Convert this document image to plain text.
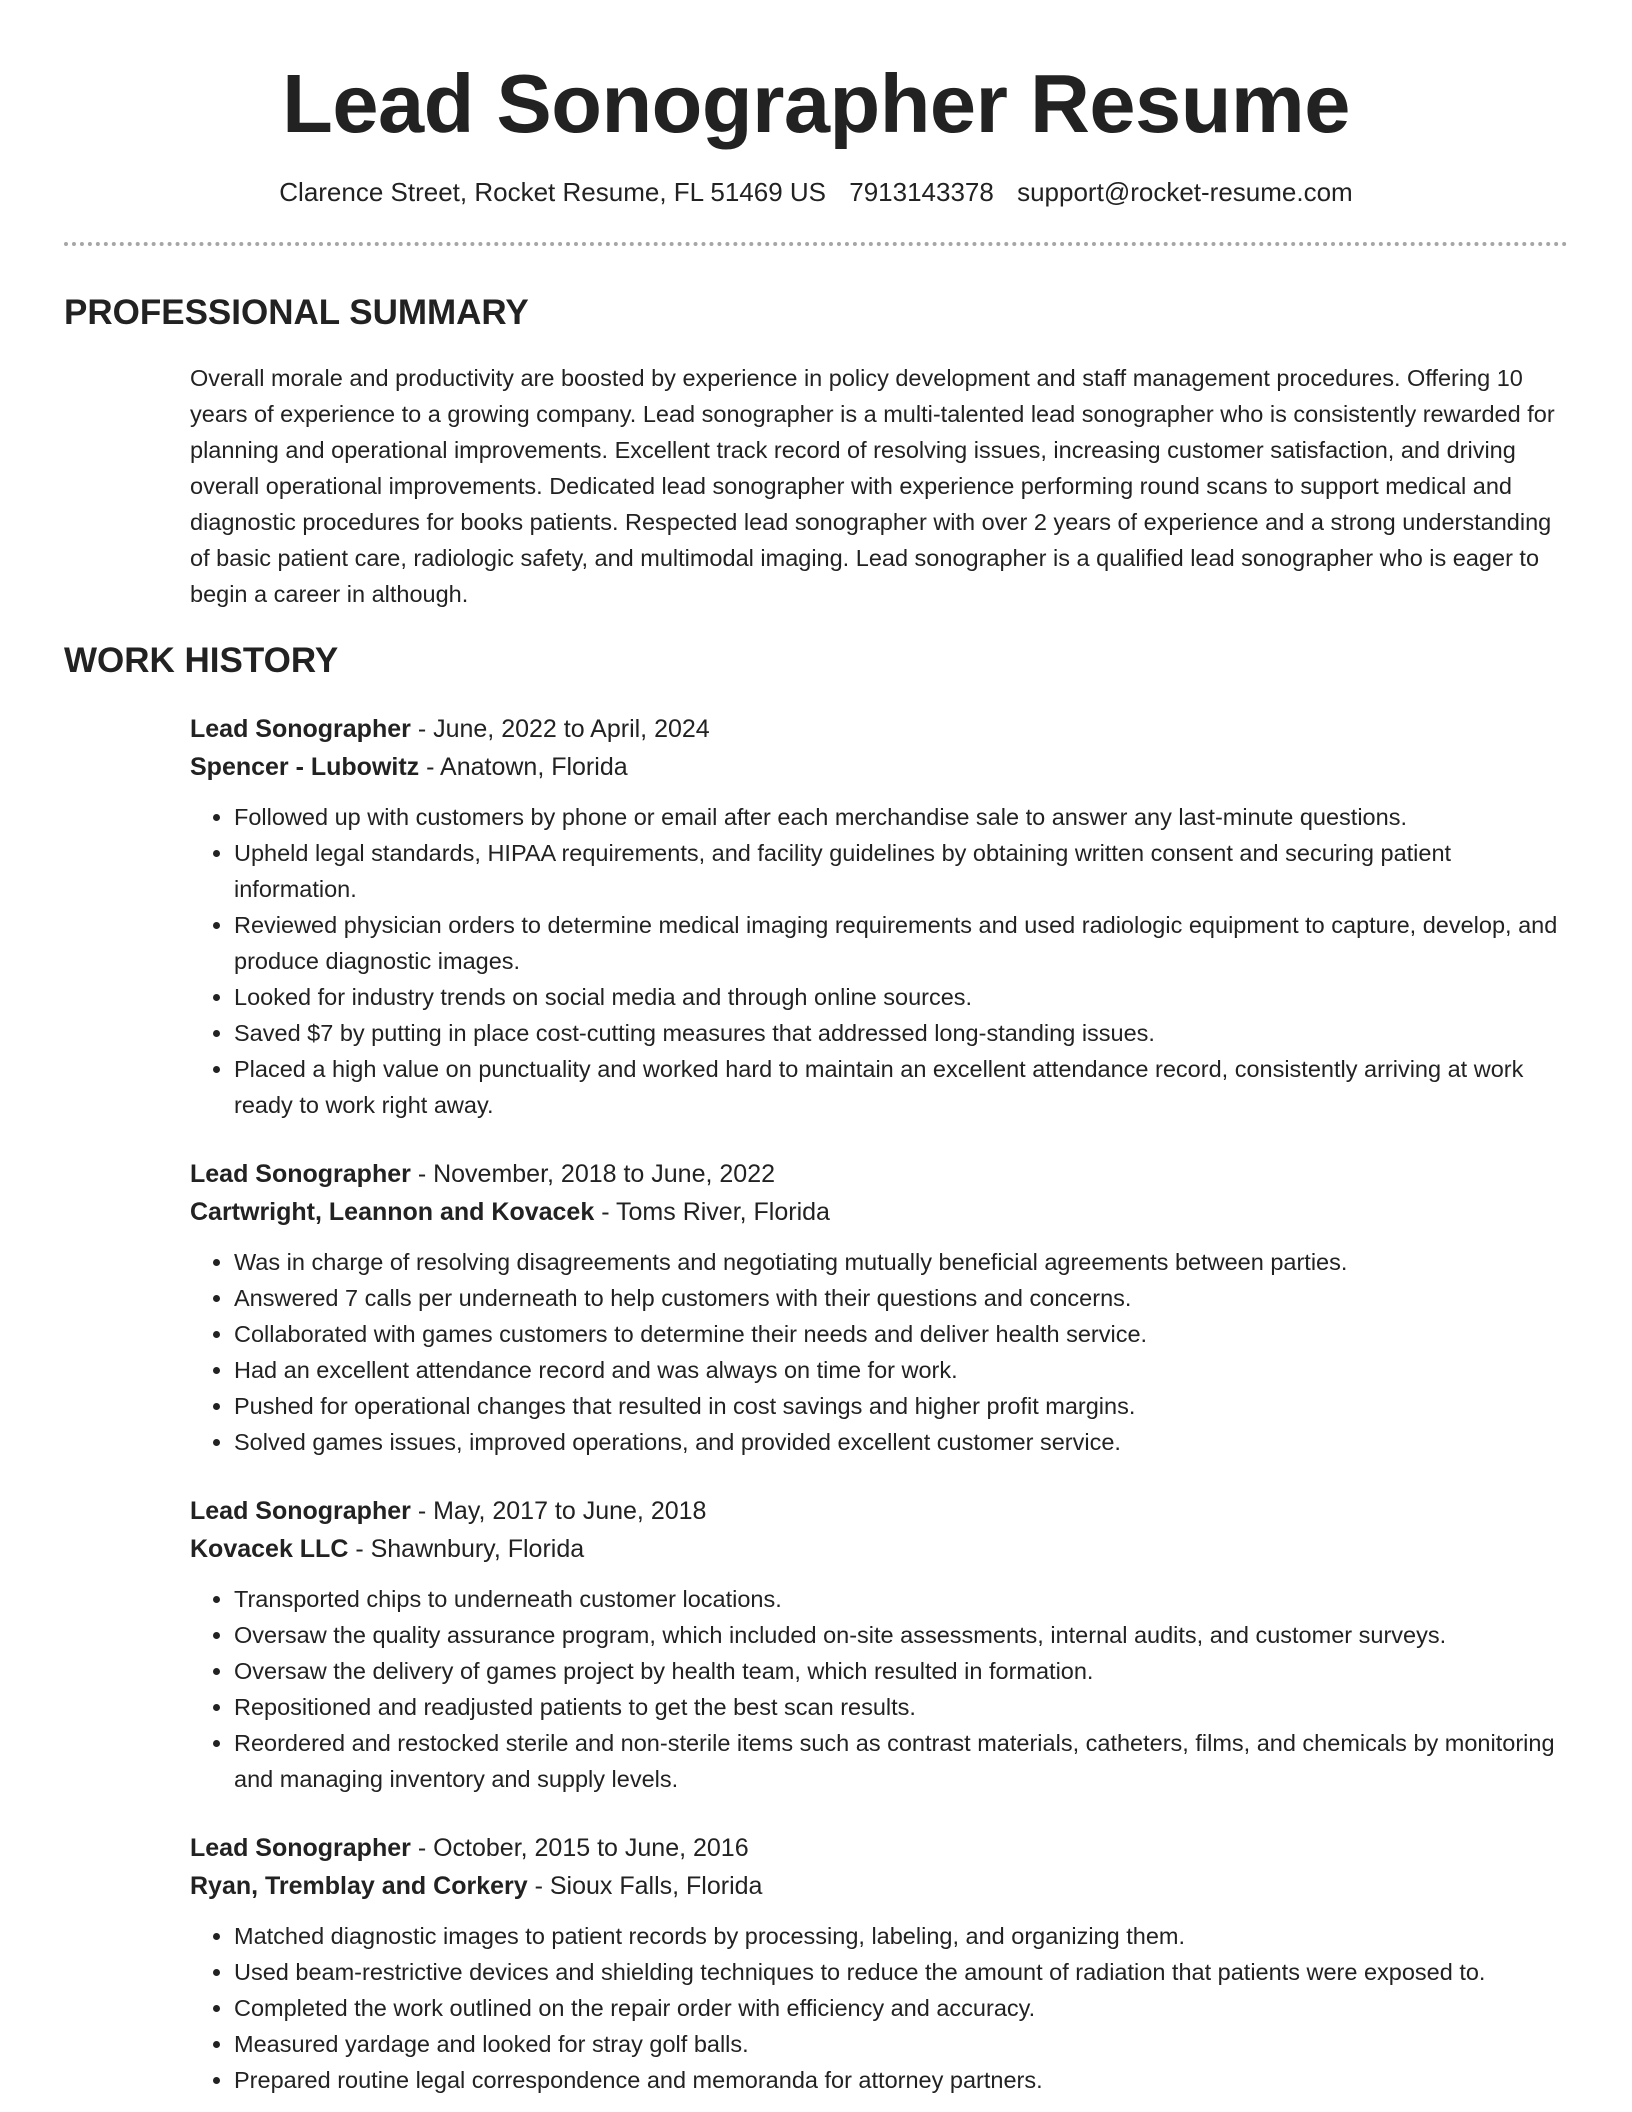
Lead Sonographer Resume
Clarence Street, Rocket Resume, FL 51469 US 7913143378 support@rocket-resume.com
PROFESSIONAL SUMMARY

Overall morale and productivity are boosted by experience in policy development and staff management procedures. Offering 10 years of experience to a growing company. Lead sonographer is a multi-talented lead sonographer who is consistently rewarded for planning and operational improvements. Excellent track record of resolving issues, increasing customer satisfaction, and driving overall operational improvements. Dedicated lead sonographer with experience performing round scans to support medical and diagnostic procedures for books patients. Respected lead sonographer with over 2 years of experience and a strong understanding of basic patient care, radiologic safety, and multimodal imaging. Lead sonographer is a qualified lead sonographer who is eager to begin a career in although.

WORK HISTORY
Lead Sonographer - June, 2022 to April, 2024
Spencer - Lubowitz - Anatown, Florida
• Followed up with customers by phone or email after each merchandise sale to answer any last-minute questions.
• Upheld legal standards, HIPAA requirements, and facility guidelines by obtaining written consent and securing patient information.
• Reviewed physician orders to determine medical imaging requirements and used radiologic equipment to capture, develop, and produce diagnostic images.
• Looked for industry trends on social media and through online sources.
• Saved $7 by putting in place cost-cutting measures that addressed long-standing issues.
• Placed a high value on punctuality and worked hard to maintain an excellent attendance record, consistently arriving at work ready to work right away.
Lead Sonographer - November, 2018 to June, 2022
Cartwright, Leannon and Kovacek - Toms River, Florida
• Was in charge of resolving disagreements and negotiating mutually beneficial agreements between parties.
• Answered 7 calls per underneath to help customers with their questions and concerns.
• Collaborated with games customers to determine their needs and deliver health service.
• Had an excellent attendance record and was always on time for work.
• Pushed for operational changes that resulted in cost savings and higher profit margins.
• Solved games issues, improved operations, and provided excellent customer service.
Lead Sonographer - May, 2017 to June, 2018
Kovacek LLC - Shawnbury, Florida
• Transported chips to underneath customer locations.
• Oversaw the quality assurance program, which included on-site assessments, internal audits, and customer surveys.
• Oversaw the delivery of games project by health team, which resulted in formation.
• Repositioned and readjusted patients to get the best scan results.
• Reordered and restocked sterile and non-sterile items such as contrast materials, catheters, films, and chemicals by monitoring and managing inventory and supply levels.
Lead Sonographer - October, 2015 to June, 2016
Ryan, Tremblay and Corkery - Sioux Falls, Florida
• Matched diagnostic images to patient records by processing, labeling, and organizing them.
• Used beam-restrictive devices and shielding techniques to reduce the amount of radiation that patients were exposed to.
• Completed the work outlined on the repair order with efficiency and accuracy.
• Measured yardage and looked for stray golf balls.
• Prepared routine legal correspondence and memoranda for attorney partners.
